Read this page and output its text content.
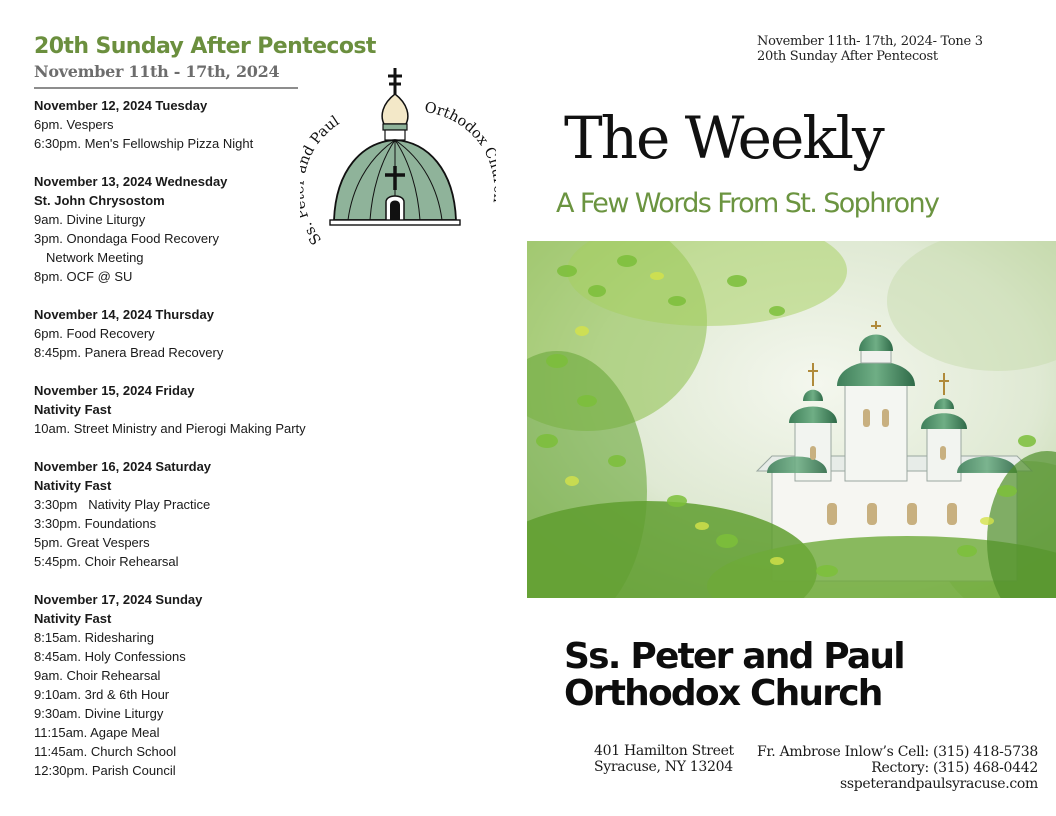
20th Sunday After Pentecost
November 11th - 17th, 2024
November 12, 2024 Tuesday
6pm. Vespers
6:30pm. Men's Fellowship Pizza Night
November 13, 2024 Wednesday
St. John Chrysostom
9am. Divine Liturgy
3pm. Onondaga Food Recovery
Network Meeting
8pm. OCF @ SU
November 14, 2024 Thursday
6pm. Food Recovery
8:45pm. Panera Bread Recovery
November 15, 2024 Friday
Nativity Fast
10am. Street Ministry and Pierogi Making Party
November 16, 2024 Saturday
Nativity Fast
3:30pm   Nativity Play Practice
3:30pm. Foundations
5pm. Great Vespers
5:45pm. Choir Rehearsal
November 17, 2024 Sunday
Nativity Fast
8:15am. Ridesharing
8:45am. Holy Confessions
9am. Choir Rehearsal
9:10am. 3rd & 6th Hour
9:30am. Divine Liturgy
11:15am. Agape Meal
11:45am. Church School
12:30pm. Parish Council
Ss. d Paul
Orthodox
November 11th- 17th, 2024- Tone 3
20th Sunday After Pentecost
The Weekly
A Few Words From St. Sophrony
Ss. Peter and Paul
Orthodox Church
401 Hamilton Street
Syracuse, NY 13204
Fr. Ambrose Inlow’s Cell: (315) 418-5738
Rectory: (315) 468-0442
sspeterandpaulsyracuse.com
